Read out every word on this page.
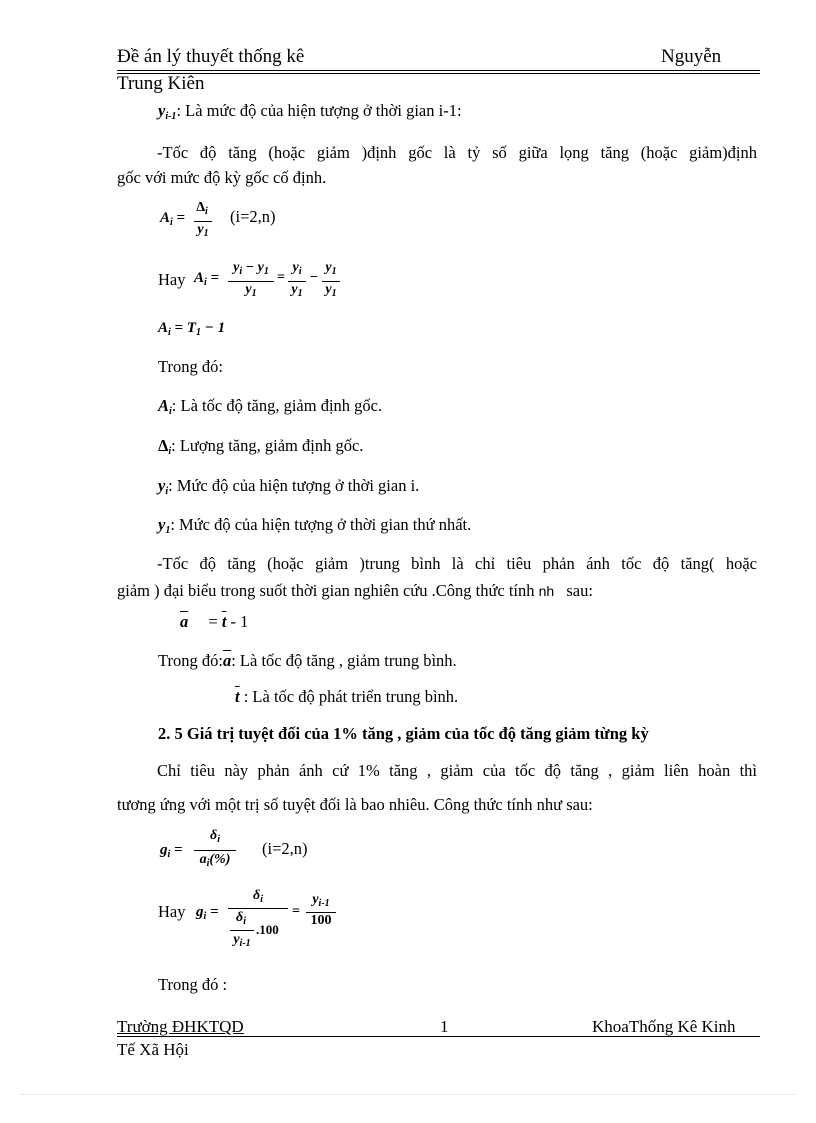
Đề án lý thuyết thống kê	Nguyễn
Trung Kiên
$y_{i-1}$: Là mức độ của hiện tượng ở thời gian i-1:
-Tốc độ tăng (hoặc giảm )định gốc là tỷ số giữa lọng tăng (hoặc giảm)định
gốc với mức độ kỳ gốc cố định.
$A_i$ =
$\Delta_i$
$y_1$
(i=2,n)
Hay $A_i$ =
$y_i - y_1$
$y_1$
=
$y_i$
$y_1$
−
$y_1$
$y_1$
$A_i = T_1 - 1$
Trong đó:
$A_i$: Là tốc độ tăng, giảm định gốc.
$\Delta_i$: Lượng tăng, giảm định gốc.
$y_i$: Mức độ của hiện tượng ở thời gian i.
$y_1$: Mức độ của hiện tượng ở thời gian thứ nhất.
-Tốc độ tăng (hoặc giảm )trung bình là chỉ tiêu phản ánh tốc độ tăng( hoặc
giảm ) đại biểu trong suốt thời gian nghiên cứu .Công thức tính nh sau:
$\overline{a} = \overline{t} - 1$
Trong $đó:\overline{a}$: Là tốc độ tăng , giảm trung bình.
$\overline{t}$ : Là tốc độ phát triển trung bình.
2. 5 Giá trị tuyệt đối của 1% tăng , giảm của tốc độ tăng giảm từng kỳ
Chỉ tiêu này phản ánh cứ 1% tăng , giảm của tốc độ tăng , giảm liên hoàn thì
tương ứng với một trị số tuyệt đối là bao nhiêu. Công thức tính như sau:
$g_i$ =
$\delta_i$
$a_i(\%)$
(i=2,n)
Hay $g_i$ =
$\delta_i$
$\delta_i$
$y_{i-1}$
.100
=
$y_{i-1}$
100
Trong đó :
Trường ĐHKTQD	1	KhoaThống Kê Kinh
Tế Xã Hội
